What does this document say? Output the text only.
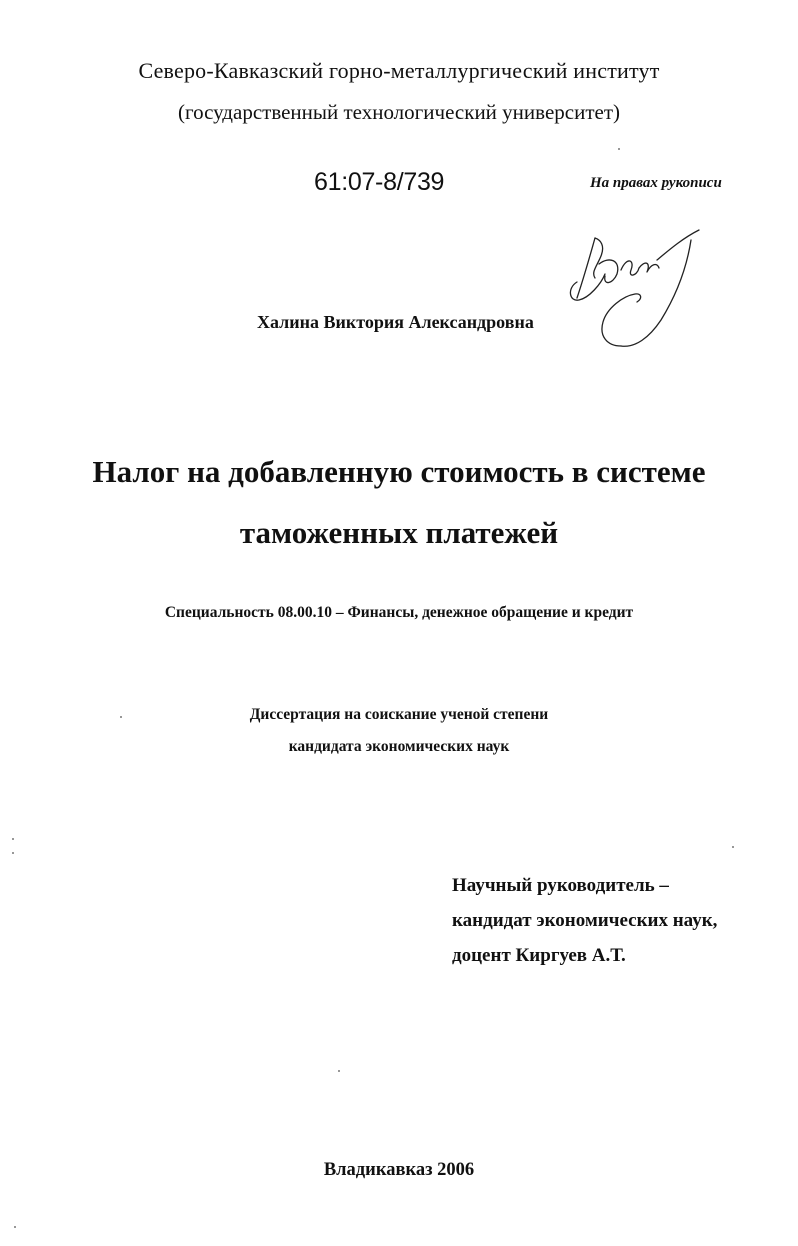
Северо-Кавказский горно-металлургический институт
(государственный технологический университет)
61:07-8/739	На правах рукописи
Халина Виктория Александровна
Налог на добавленную стоимость в системе
таможенных платежей
Специальность 08.00.10 – Финансы, денежное обращение и кредит
Диссертация на соискание ученой степени
кандидата экономических наук
Научный руководитель –
кандидат экономических наук,
доцент Киргуев А.Т.
Владикавказ 2006
